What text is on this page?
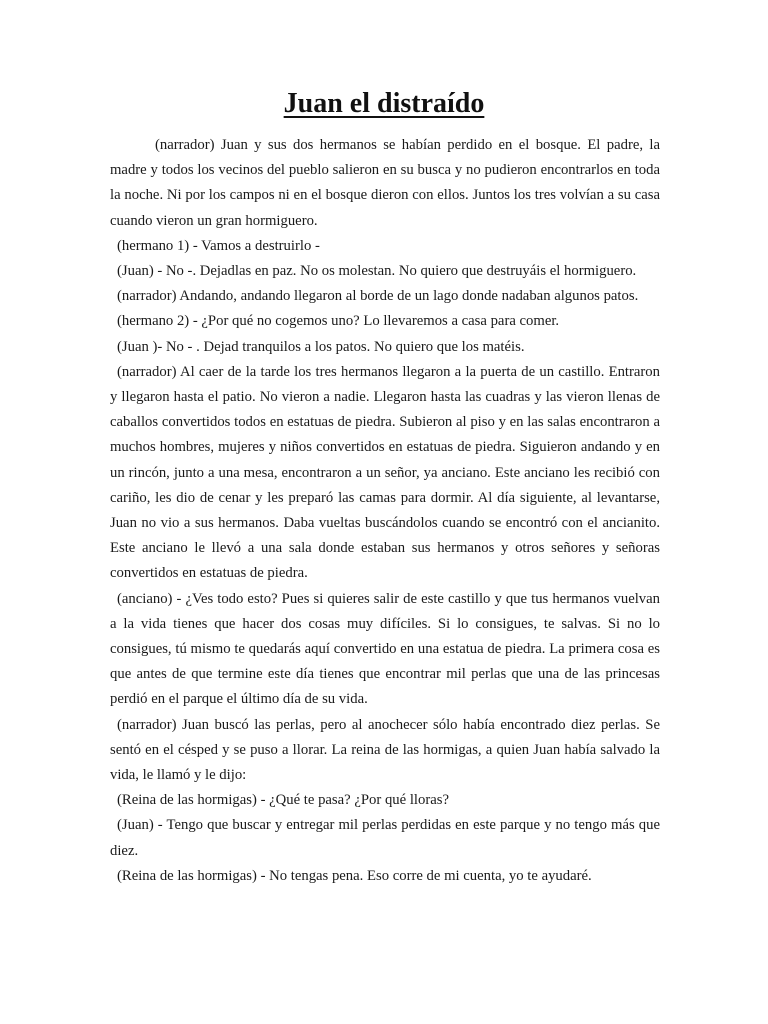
Juan el distraído

(narrador) Juan y sus dos hermanos se habían perdido en el bosque. El padre, la madre y todos los vecinos del pueblo salieron en su busca y no pudieron encontrarlos en toda la noche. Ni por los campos ni en el bosque dieron con ellos. Juntos los tres volvían a su casa cuando vieron un gran hormiguero.

(hermano 1) - Vamos a destruirlo -

(Juan) - No -. Dejadlas en paz. No os molestan. No quiero que destruyáis el hormiguero.

(narrador) Andando, andando llegaron al borde de un lago donde nadaban algunos patos.

(hermano 2) - ¿Por qué no cogemos uno? Lo llevaremos a casa para comer.

(Juan )- No - . Dejad tranquilos a los patos. No quiero que los matéis.

(narrador) Al caer de la tarde los tres hermanos llegaron a la puerta de un castillo. Entraron y llegaron hasta el patio. No vieron a nadie. Llegaron hasta las cuadras y las vieron llenas de caballos convertidos todos en estatuas de piedra. Subieron al piso y en las salas encontraron a muchos hombres, mujeres y niños convertidos en estatuas de piedra. Siguieron andando y en un rincón, junto a una mesa, encontraron a un señor, ya anciano. Este anciano les recibió con cariño, les dio de cenar y les preparó las camas para dormir. Al día siguiente, al levantarse, Juan no vio a sus hermanos. Daba vueltas buscándolos cuando se encontró con el ancianito. Este anciano le llevó a una sala donde estaban sus hermanos y otros señores y señoras convertidos en estatuas de piedra.

(anciano) - ¿Ves todo esto? Pues si quieres salir de este castillo y que tus hermanos vuelvan a la vida tienes que hacer dos cosas muy difíciles. Si lo consigues, te salvas. Si no lo consigues, tú mismo te quedarás aquí convertido en una estatua de piedra. La primera cosa es que antes de que termine este día tienes que encontrar mil perlas que una de las princesas perdió en el parque el último día de su vida.

(narrador) Juan buscó las perlas, pero al anochecer sólo había encontrado diez perlas. Se sentó en el césped y se puso a llorar. La reina de las hormigas, a quien Juan había salvado la vida, le llamó y le dijo:

(Reina de las hormigas) - ¿Qué te pasa? ¿Por qué lloras?

(Juan) - Tengo que buscar y entregar mil perlas perdidas en este parque y no tengo más que diez.

(Reina de las hormigas) - No tengas pena. Eso corre de mi cuenta, yo te ayudaré.
